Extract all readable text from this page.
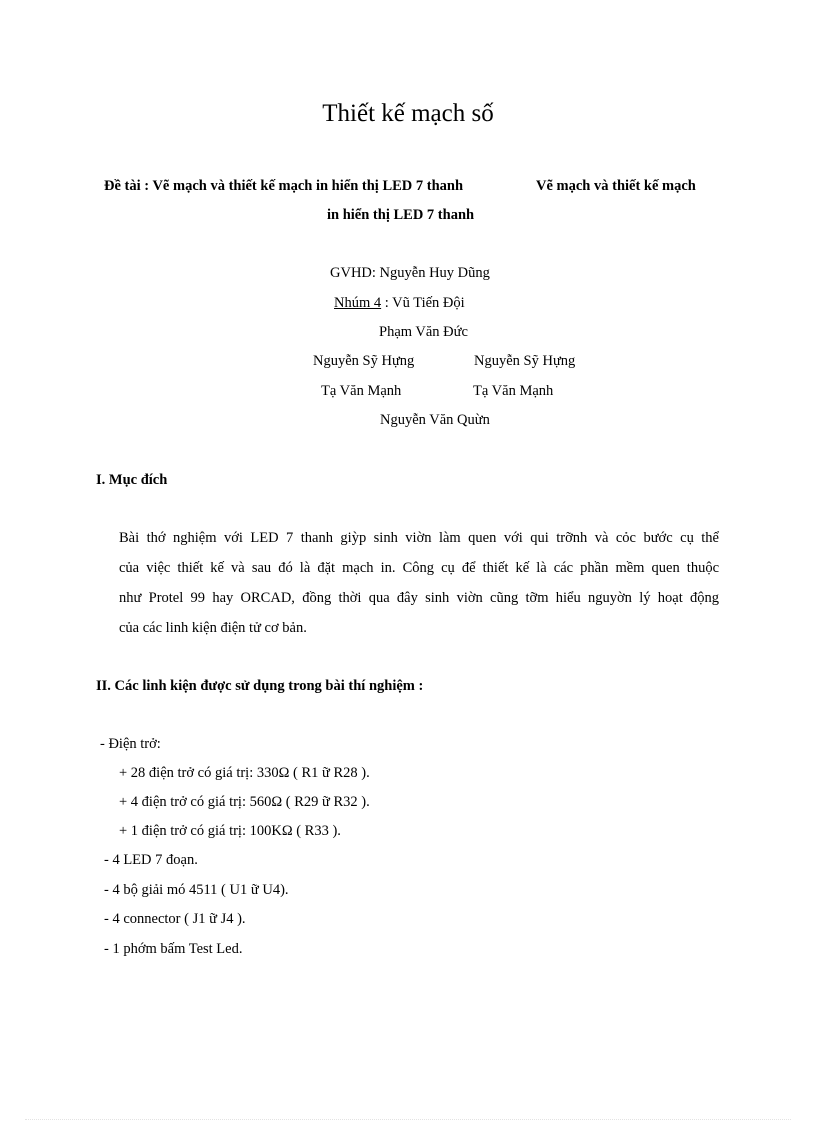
Thiết kế mạch số
Đề tài : Vẽ mạch và thiết kế mạch in hiển thị LED 7 thanh	Vẽ mạch và thiết kế mạch
in hiển thị LED 7 thanh
GVHD: Nguyễn Huy Dũng
Nhúm 4 : Vũ Tiến Đội
Phạm Văn Đức
Nguyễn Sỹ Hựng	Nguyễn Sỹ Hựng
Tạ Văn Mạnh	Tạ Văn Mạnh
Nguyễn Văn Quừn
I. Mục đích
Bài thớ nghiệm với LED 7 thanh giỳp sinh viờn làm quen với qui trỡnh và cỏc bước cụ thể
của việc thiết kế và sau đó là đặt mạch in. Công cụ để thiết kế là các phần mềm quen thuộc
như Protel 99 hay ORCAD, đồng thời qua đây sinh viờn cũng tỡm hiểu nguyờn lý hoạt động
của các linh kiện điện tử cơ bản.
II. Các linh kiện được sử dụng trong bài thí nghiệm :
- Điện trở:
+ 28 điện trở có giá trị: 330Ω ( R1 ữ R28 ).
+ 4 điện trở có giá trị: 560Ω ( R29 ữ R32 ).
+ 1 điện trở có giá trị: 100KΩ ( R33 ).
- 4 LED 7 đoạn.
- 4 bộ giải mó 4511 ( U1 ữ U4).
- 4 connector ( J1 ữ J4 ).
- 1 phớm bấm Test Led.
